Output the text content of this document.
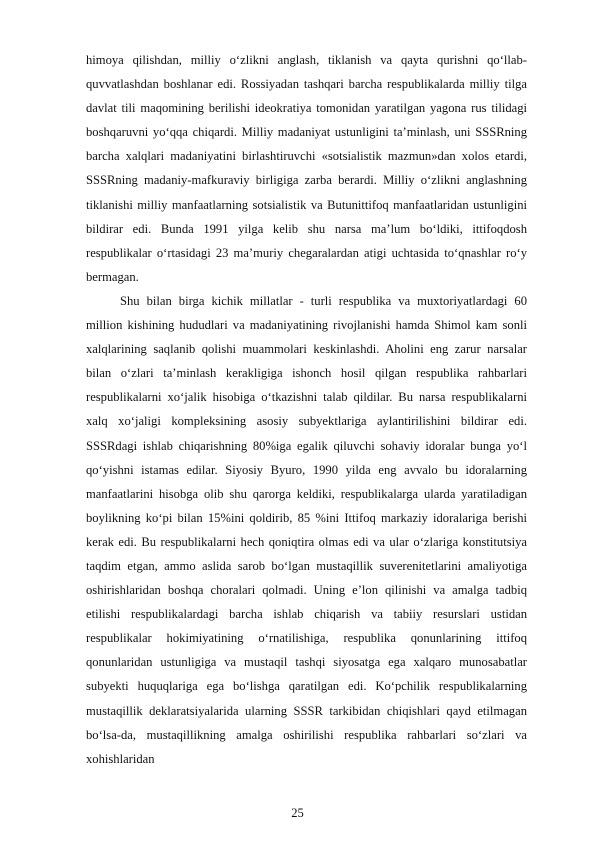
himoya qilishdan, milliy o‘zlikni anglash, tiklanish va qayta qurishni qo‘llab-quvvatlashdan boshlanar edi. Rossiyadan tashqari barcha respublikalarda milliy tilga davlat tili maqomining berilishi ideokratiya tomonidan yaratilgan yagona rus tilidagi boshqaruvni yo‘qqa chiqardi. Milliy madaniyat ustunligini ta’minlash, uni SSSRning barcha xalqlari madaniyatini birlashtiruvchi «sotsialistik mazmun»dan xolos etardi, SSSRning madaniy-mafkuraviy birligiga zarba berardi. Milliy o‘zlikni anglashning tiklanishi milliy manfaatlarning sotsialistik va Butunittifoq manfaatlaridan ustunligini bildirar edi. Bunda 1991 yilga kelib shu narsa ma’lum bo‘ldiki, ittifoqdosh respublikalar o‘rtasidagi 23 ma’muriy chegaralardan atigi uchtasida to‘qnashlar ro‘y bermagan.

Shu bilan birga kichik millatlar - turli respublika va muxtoriyatlardagi 60 million kishining hududlari va madaniyatining rivojlanishi hamda Shimol kam sonli xalqlarining saqlanib qolishi muammolari keskinlashdi. Aholini eng zarur narsalar bilan o‘zlari ta’minlash kerakligiga ishonch hosil qilgan respublika rahbarlari respublikalarni xo‘jalik hisobiga o‘tkazishni talab qildilar. Bu narsa respublikalarni xalq xo‘jaligi kompleksining asosiy subyektlariga aylantirilishini bildirar edi. SSSRdagi ishlab chiqarishning 80%iga egalik qiluvchi sohaviy idoralar bunga yo‘l qo‘yishni istamas edilar. Siyosiy Byuro, 1990 yilda eng avvalo bu idoralarning manfaatlarini hisobga olib shu qarorga keldiki, respublikalarga ularda yaratiladigan boylikning ko‘pi bilan 15%ini qoldirib, 85 %ini Ittifoq markaziy idoralariga berishi kerak edi. Bu respublikalarni hech qoniqtira olmas edi va ular o‘zlariga konstitutsiya taqdim etgan, ammo aslida sarob bo‘lgan mustaqillik suverenitetlarini amaliyotiga oshirishlaridan boshqa choralari qolmadi. Uning e’lon qilinishi va amalga tadbiq etilishi respublikalardagi barcha ishlab chiqarish va tabiiy resurslari ustidan respublikalar hokimiyatining o‘rnatilishiga, respublika qonunlarining ittifoq qonunlaridan ustunligiga va mustaqil tashqi siyosatga ega xalqaro munosabatlar subyekti huquqlariga ega bo‘lishga qaratilgan edi. Ko‘pchilik respublikalarning mustaqillik deklaratsiyalarida ularning SSSR tarkibidan chiqishlari qayd etilmagan bo‘lsa-da, mustaqillikning amalga oshirilishi respublika rahbarlari so‘zlari va xohishlaridan

25
